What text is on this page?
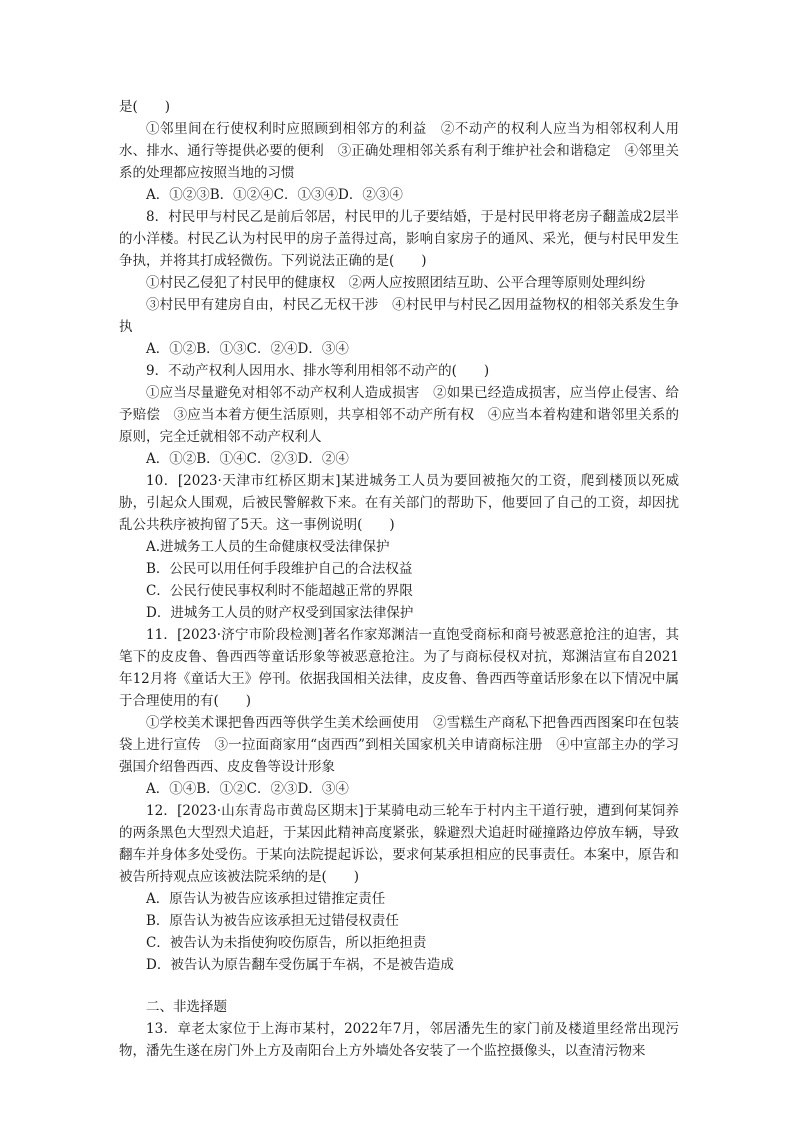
是(　　)

①邻里间在行使权利时应照顾到相邻方的利益　②不动产的权利人应当为相邻权利人用水、排水、通行等提供必要的便利　③正确处理相邻关系有利于维护社会和谐稳定　④邻里关系的处理都应按照当地的习惯

A．①②③B．①②④C．①③④D．②③④

8．村民甲与村民乙是前后邻居，村民甲的儿子要结婚，于是村民甲将老房子翻盖成2层半的小洋楼。村民乙认为村民甲的房子盖得过高，影响自家房子的通风、采光，便与村民甲发生争执，并将其打成轻微伤。下列说法正确的是(　　)

①村民乙侵犯了村民甲的健康权　②两人应按照团结互助、公平合理等原则处理纠纷

③村民甲有建房自由，村民乙无权干涉　④村民甲与村民乙因用益物权的相邻关系发生争执

A．①②B．①③C．②④D．③④

9．不动产权利人因用水、排水等利用相邻不动产的(　　)

①应当尽量避免对相邻不动产权利人造成损害　②如果已经造成损害，应当停止侵害、给予赔偿　③应当本着方便生活原则，共享相邻不动产所有权　④应当本着构建和谐邻里关系的原则，完全迁就相邻不动产权利人

A．①②B．①④C．②③D．②④

10．[2023·天津市红桥区期末]某进城务工人员为要回被拖欠的工资，爬到楼顶以死威胁，引起众人围观，后被民警解救下来。在有关部门的帮助下，他要回了自己的工资，却因扰乱公共秩序被拘留了5天。这一事例说明(　　)

A.进城务工人员的生命健康权受法律保护

B．公民可以用任何手段维护自己的合法权益

C．公民行使民事权利时不能超越正常的界限

D．进城务工人员的财产权受到国家法律保护

11．[2023·济宁市阶段检测]著名作家郑渊洁一直饱受商标和商号被恶意抢注的迫害，其笔下的皮皮鲁、鲁西西等童话形象等被恶意抢注。为了与商标侵权对抗，郑渊洁宣布自2021年12月将《童话大王》停刊。依据我国相关法律，皮皮鲁、鲁西西等童话形象在以下情况中属于合理使用的有(　　)

①学校美术课把鲁西西等供学生美术绘画使用　②雪糕生产商私下把鲁西西图案印在包装袋上进行宣传　③一拉面商家用“卤西西”到相关国家机关申请商标注册　④中宣部主办的学习强国介绍鲁西西、皮皮鲁等设计形象

A．①④B．①②C．②③D．③④

12．[2023·山东青岛市黄岛区期末]于某骑电动三轮车于村内主干道行驶，遭到何某饲养的两条黑色大型烈犬追赶，于某因此精神高度紧张，躲避烈犬追赶时碰撞路边停放车辆，导致翻车并身体多处受伤。于某向法院提起诉讼，要求何某承担相应的民事责任。本案中，原告和被告所持观点应该被法院采纳的是(　　)

A．原告认为被告应该承担过错推定责任

B．原告认为被告应该承担无过错侵权责任

C．被告认为未指使狗咬伤原告，所以拒绝担责

D．被告认为原告翻车受伤属于车祸，不是被告造成

二、非选择题

13．章老太家位于上海市某村，2022年7月，邻居潘先生的家门前及楼道里经常出现污物，潘先生遂在房门外上方及南阳台上方外墙处各安装了一个监控摄像头，以查清污物来
